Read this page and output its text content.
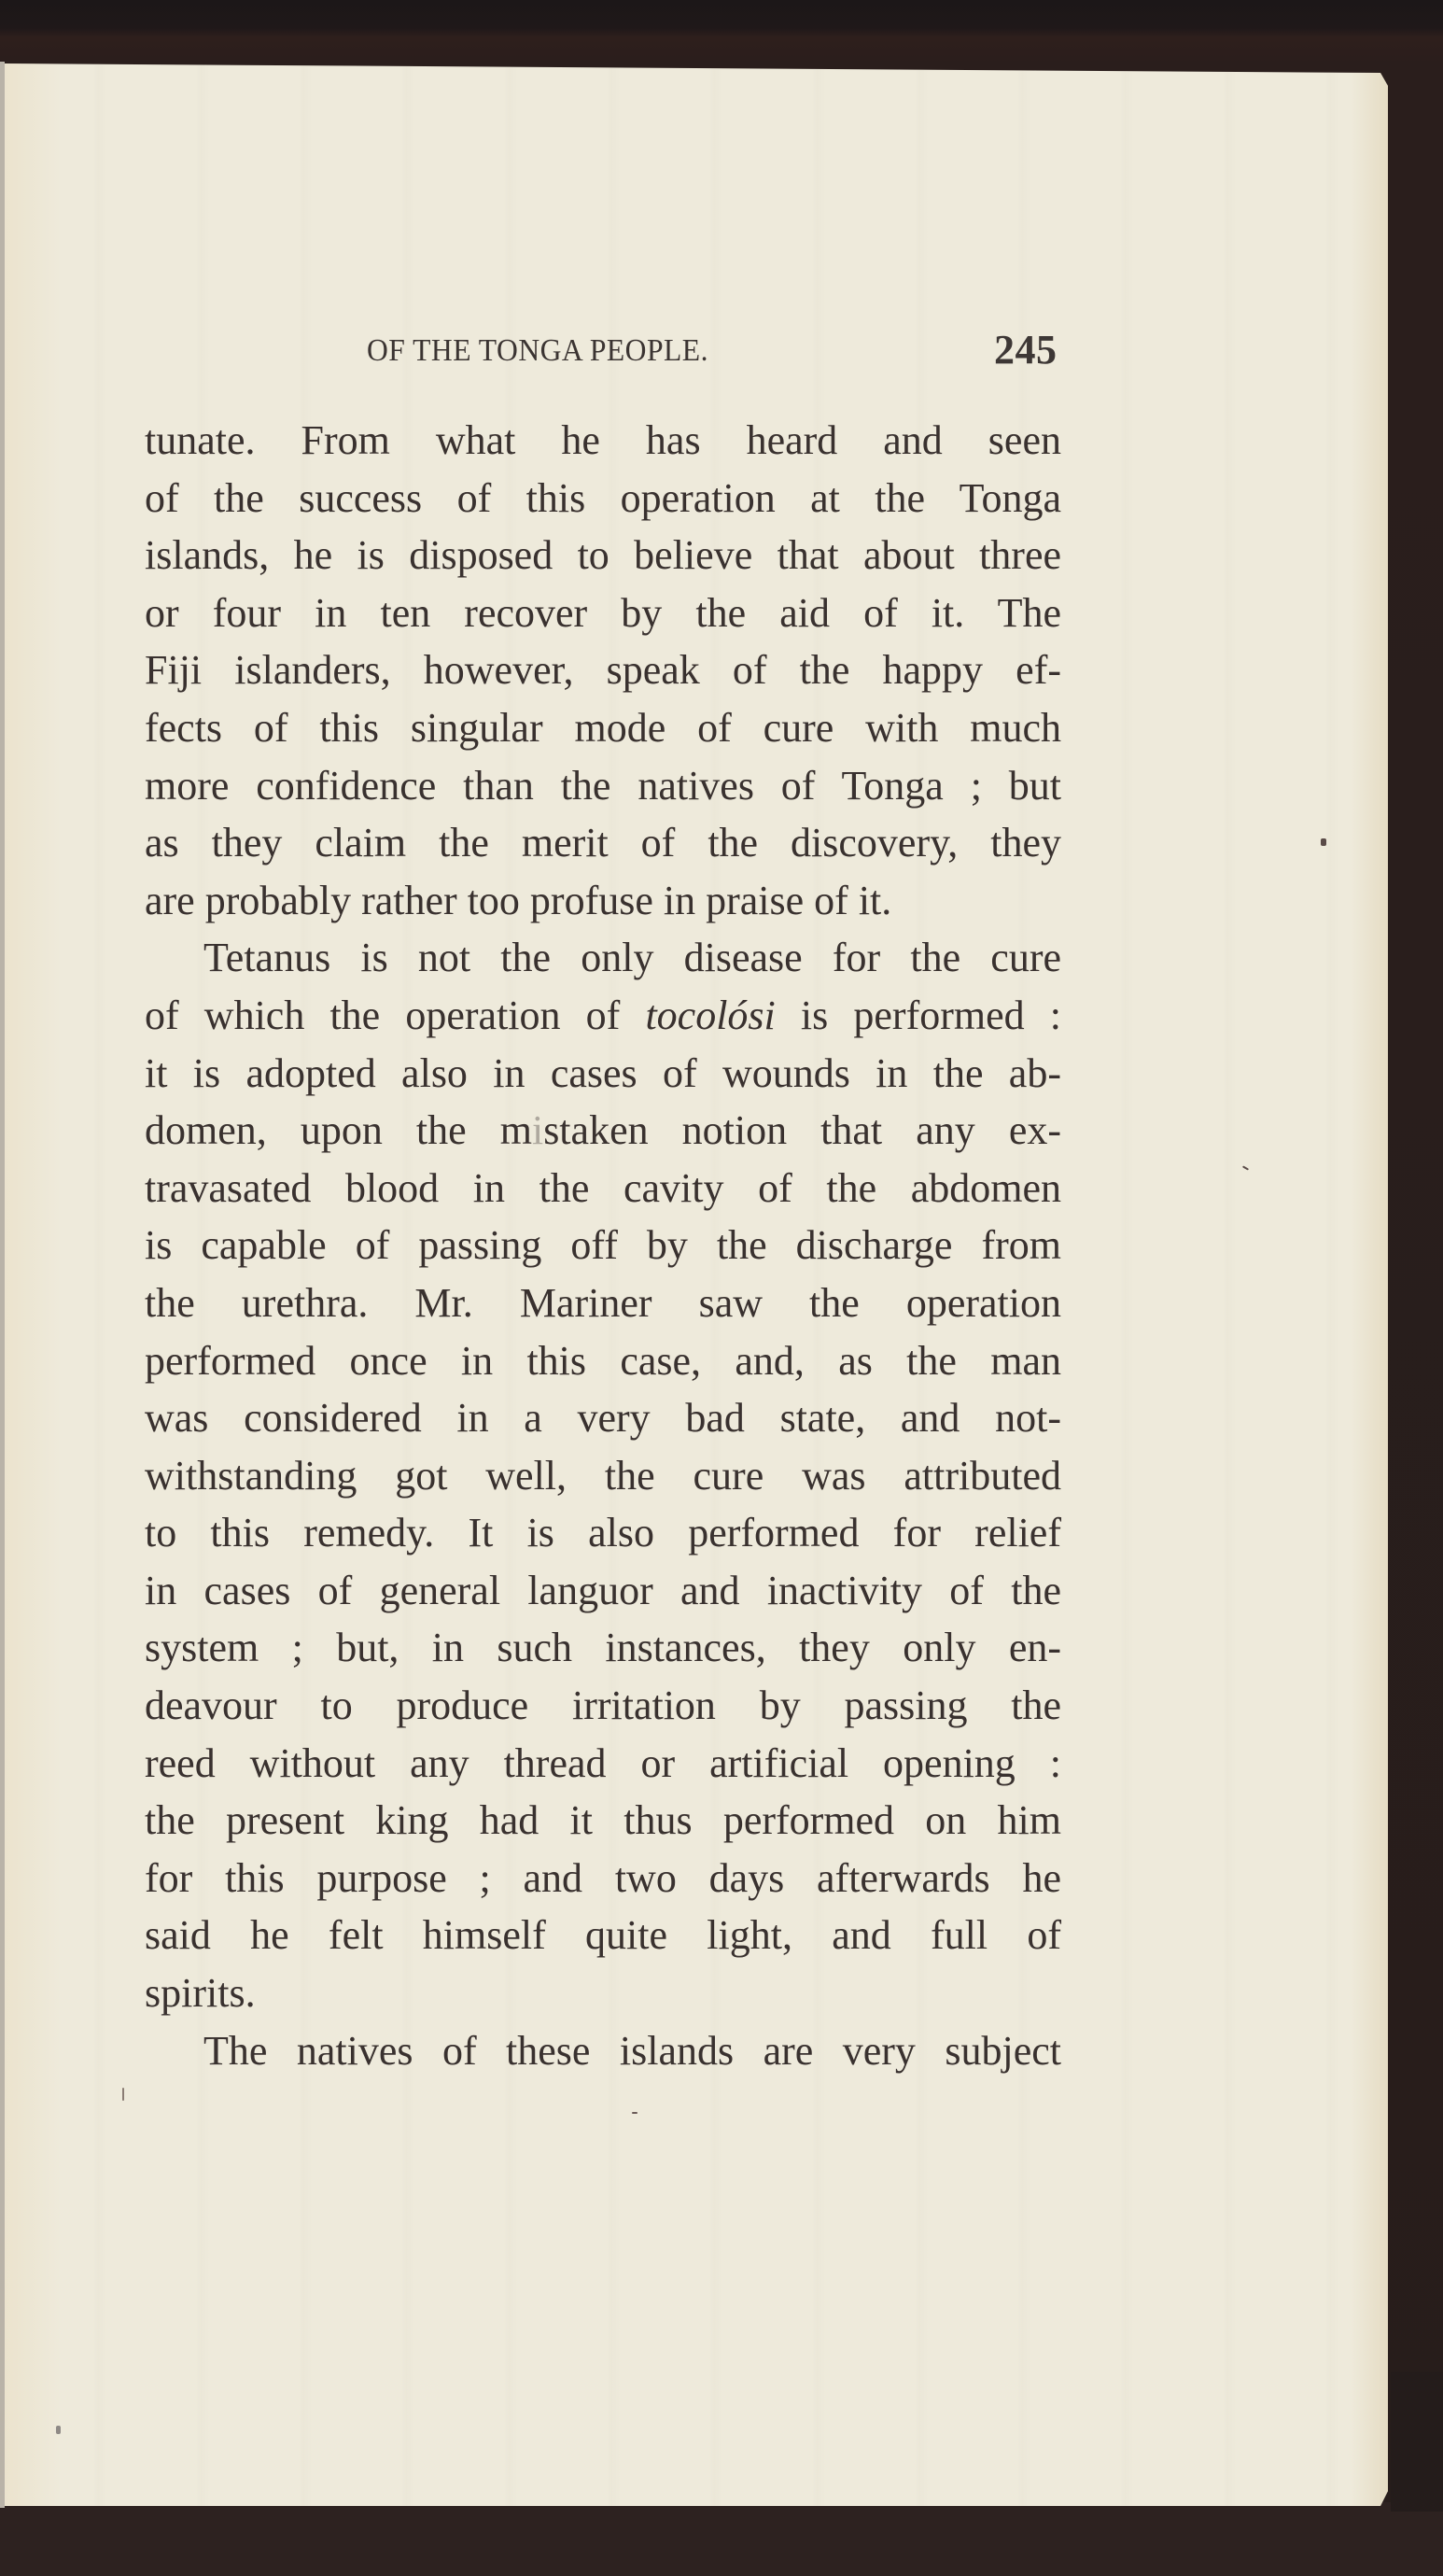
OF THE TONGA PEOPLE.	245
tunate. From what he has heard and seen
of the success of this operation at the Tonga
islands, he is disposed to believe that about three
or four in ten recover by the aid of it. The
Fiji islanders, however, speak of the happy ef-
fects of this singular mode of cure with much
more confidence than the natives of Tonga ; but
as they claim the merit of the discovery, they
are probably rather too profuse in praise of it.
Tetanus is not the only disease for the cure
of which the operation of tocolósi is performed :
it is adopted also in cases of wounds in the ab-
domen, upon the mistaken notion that any ex-
travasated blood in the cavity of the abdomen
is capable of passing off by the discharge from
the urethra. Mr. Mariner saw the operation
performed once in this case, and, as the man
was considered in a very bad state, and not-
withstanding got well, the cure was attributed
to this remedy. It is also performed for relief
in cases of general languor and inactivity of the
system ; but, in such instances, they only en-
deavour to produce irritation by passing the
reed without any thread or artificial opening :
the present king had it thus performed on him
for this purpose ; and two days afterwards he
said he felt himself quite light, and full of
spirits.
The natives of these islands are very subject
